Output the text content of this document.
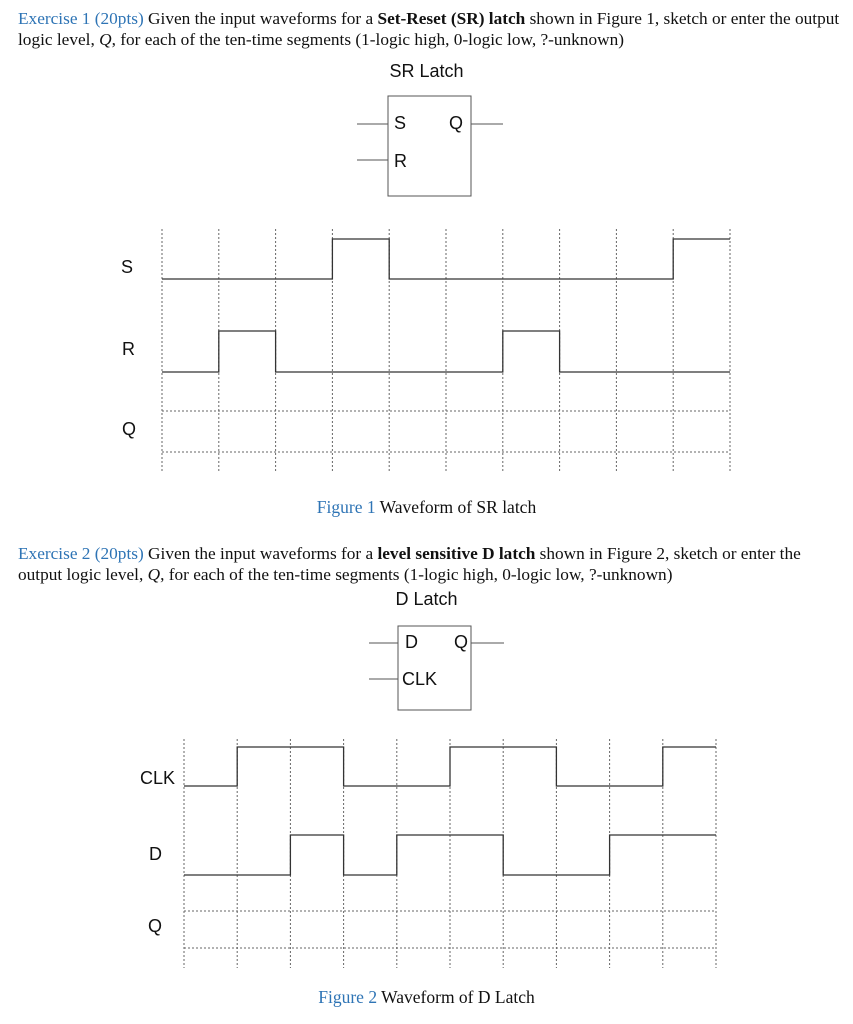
Exercise 1 (20pts) Given the input waveforms for a Set-Reset (SR) latch shown in Figure 1, sketch or enter the output logic level, Q, for each of the ten-time segments (1-logic high, 0-logic low, ?-unknown)
SR Latch
S
R
Q
S
R
Q
Figure 1 Waveform of SR latch
Exercise 2 (20pts) Given the input waveforms for a level sensitive D latch shown in Figure 2, sketch or enter the output logic level, Q, for each of the ten-time segments (1-logic high, 0-logic low, ?-unknown)
D Latch
D
CLK
Q
CLK
D
Q
Figure 2 Waveform of D Latch
